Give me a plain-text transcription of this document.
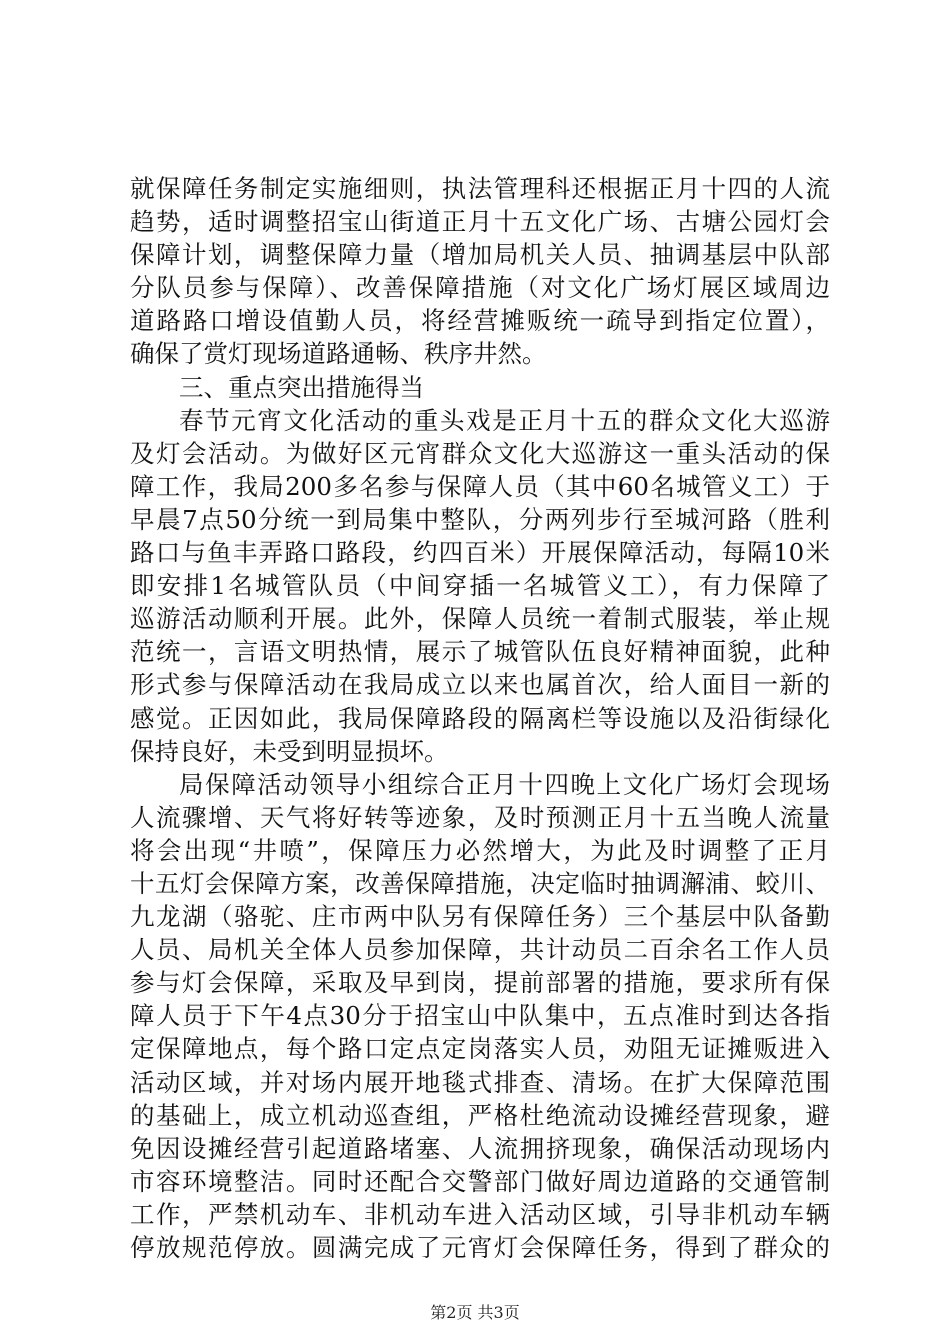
就保障任务制定实施细则，执法管理科还根据正月十四的人流
趋势，适时调整招宝山街道正月十五文化广场、古塘公园灯会
保障计划，调整保障力量（增加局机关人员、抽调基层中队部
分队员参与保障）、改善保障措施（对文化广场灯展区域周边
道路路口增设值勤人员，将经营摊贩统一疏导到指定位置），
确保了赏灯现场道路通畅、秩序井然。
三、重点突出措施得当
春节元宵文化活动的重头戏是正月十五的群众文化大巡游
及灯会活动。为做好区元宵群众文化大巡游这一重头活动的保
障工作，我局200多名参与保障人员（其中60名城管义工）于
早晨7点50分统一到局集中整队，分两列步行至城河路（胜利
路口与鱼丰弄路口路段，约四百米）开展保障活动，每隔10米
即安排1名城管队员（中间穿插一名城管义工），有力保障了
巡游活动顺利开展。此外，保障人员统一着制式服装，举止规
范统一，言语文明热情，展示了城管队伍良好精神面貌，此种
形式参与保障活动在我局成立以来也属首次，给人面目一新的
感觉。正因如此，我局保障路段的隔离栏等设施以及沿街绿化
保持良好，未受到明显损坏。
局保障活动领导小组综合正月十四晚上文化广场灯会现场
人流骤增、天气将好转等迹象，及时预测正月十五当晚人流量
将会出现“井喷”，保障压力必然增大，为此及时调整了正月
十五灯会保障方案，改善保障措施，决定临时抽调澥浦、蛟川、
九龙湖（骆驼、庄市两中队另有保障任务）三个基层中队备勤
人员、局机关全体人员参加保障，共计动员二百余名工作人员
参与灯会保障，采取及早到岗，提前部署的措施，要求所有保
障人员于下午4点30分于招宝山中队集中，五点准时到达各指
定保障地点，每个路口定点定岗落实人员，劝阻无证摊贩进入
活动区域，并对场内展开地毯式排查、清场。在扩大保障范围
的基础上，成立机动巡查组，严格杜绝流动设摊经营现象，避
免因设摊经营引起道路堵塞、人流拥挤现象，确保活动现场内
市容环境整洁。同时还配合交警部门做好周边道路的交通管制
工作，严禁机动车、非机动车进入活动区域，引导非机动车辆
停放规范停放。圆满完成了元宵灯会保障任务，得到了群众的
第2页 共3页
